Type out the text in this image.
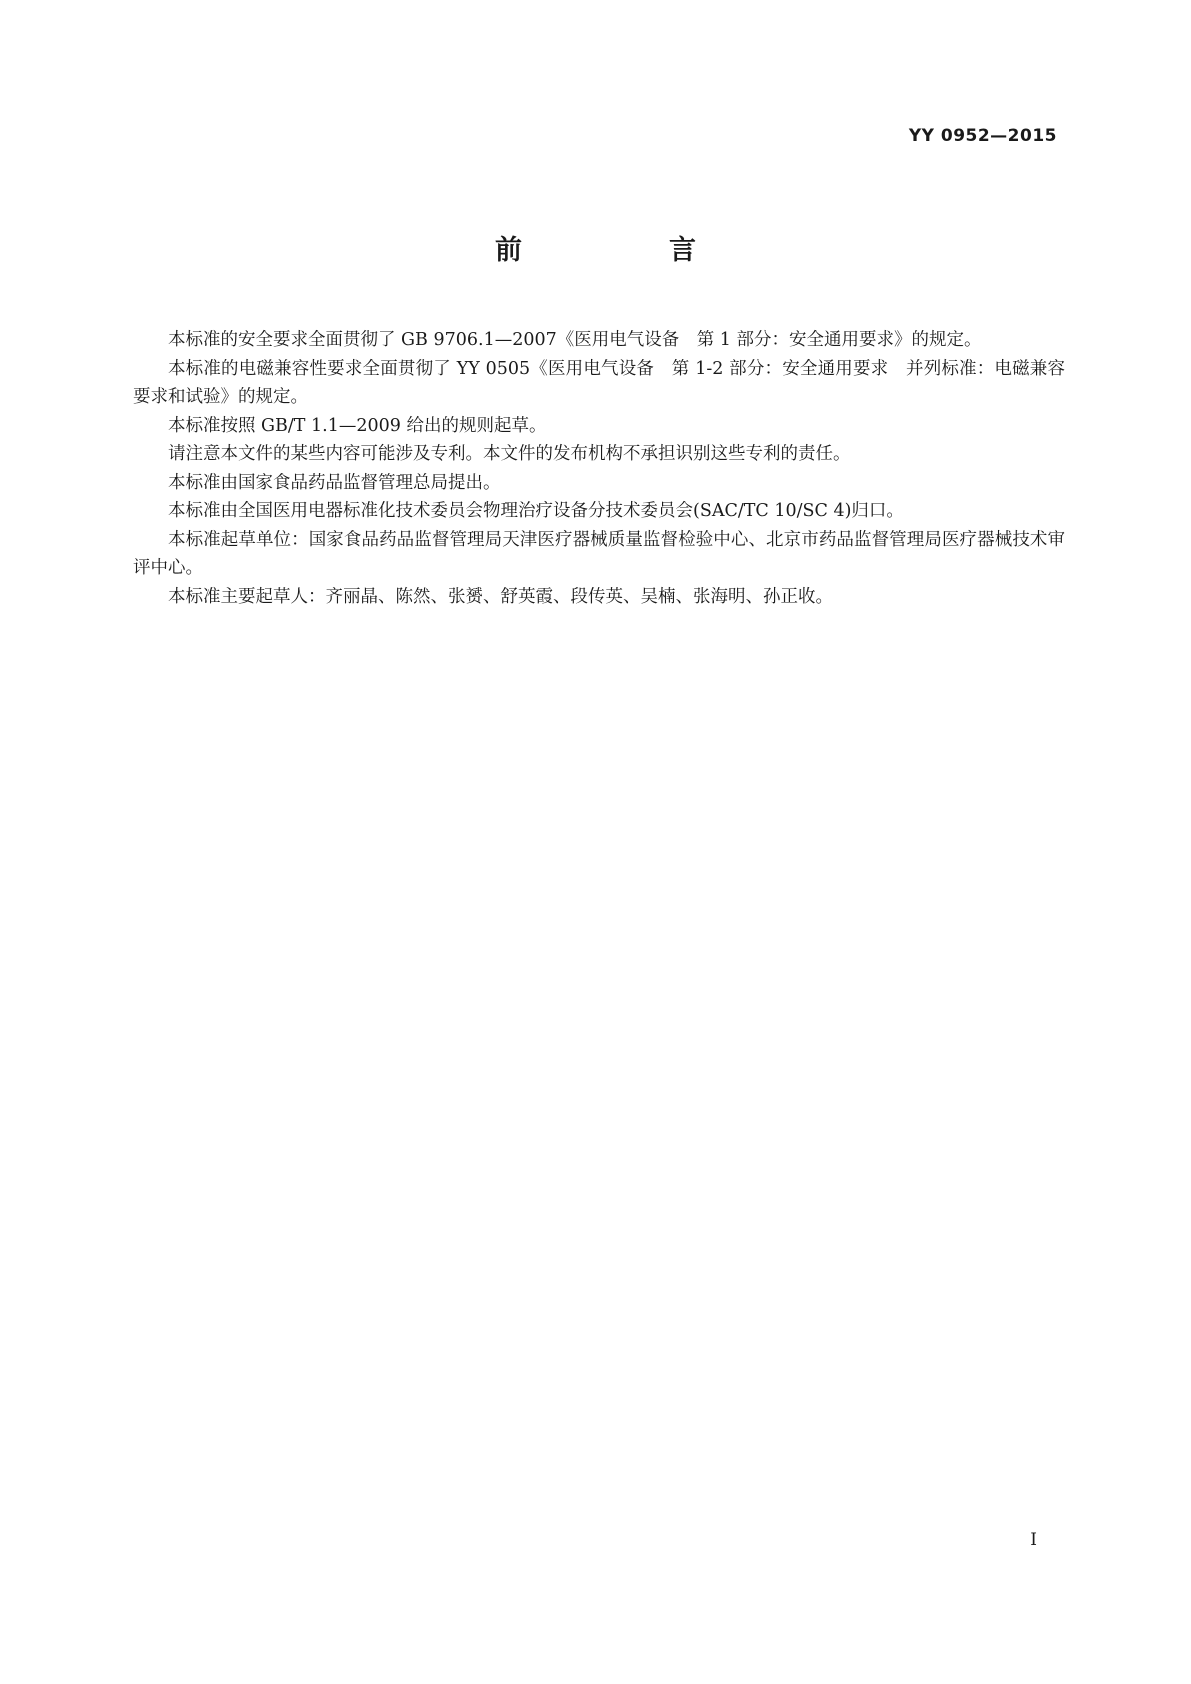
YY 0952—2015
前　言

本标准的安全要求全面贯彻了 GB 9706.1—2007《医用电气设备　第 1 部分：安全通用要求》的规定。

本标准的电磁兼容性要求全面贯彻了 YY 0505《医用电气设备　第 1-2 部分：安全通用要求　并列标准：电磁兼容　要求和试验》的规定。

本标准按照 GB/T 1.1—2009 给出的规则起草。

请注意本文件的某些内容可能涉及专利。本文件的发布机构不承担识别这些专利的责任。

本标准由国家食品药品监督管理总局提出。

本标准由全国医用电器标准化技术委员会物理治疗设备分技术委员会(SAC/TC 10/SC 4)归口。

本标准起草单位：国家食品药品监督管理局天津医疗器械质量监督检验中心、北京市药品监督管理局医疗器械技术审评中心。

本标准主要起草人：齐丽晶、陈然、张赟、舒英霞、段传英、吴楠、张海明、孙正收。

I
